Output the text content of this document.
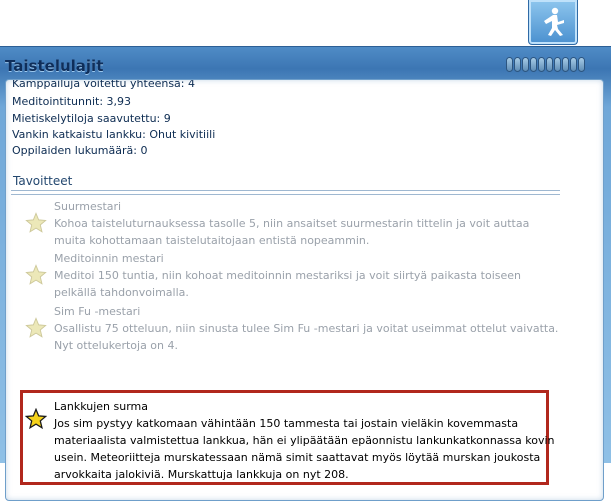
Taistelulajit
Kamppailuja voitettu yhteensä: 4
Meditointitunnit: 3,93
Mietiskelytiloja saavutettu: 9
Vankin katkaistu lankku: Ohut kivitiili
Oppilaiden lukumäärä: 0
Tavoitteet
Suurmestari
Kohoa taisteluturnauksessa tasolle 5, niin ansaitset suurmestarin tittelin ja voit auttaa muita kohottamaan taistelutaitojaan entistä nopeammin.
Meditoinnin mestari
Meditoi 150 tuntia, niin kohoat meditoinnin mestariksi ja voit siirtyä paikasta toiseen pelkällä tahdonvoimalla.
Sim Fu -mestari
Osallistu 75 otteluun, niin sinusta tulee Sim Fu -mestari ja voitat useimmat ottelut vaivatta. Nyt ottelukertoja on 4.
Lankkujen surma
Jos sim pystyy katkomaan vähintään 150 tammesta tai jostain vieläkin kovemmasta materiaalista valmistettua lankkua, hän ei ylipäätään epäonnistu lankunkatkonnassa kovin usein. Meteoriitteja murskatessaan nämä simit saattavat myös löytää murskan joukosta arvokkaita jalokiviä. Murskattuja lankkuja on nyt 208.
